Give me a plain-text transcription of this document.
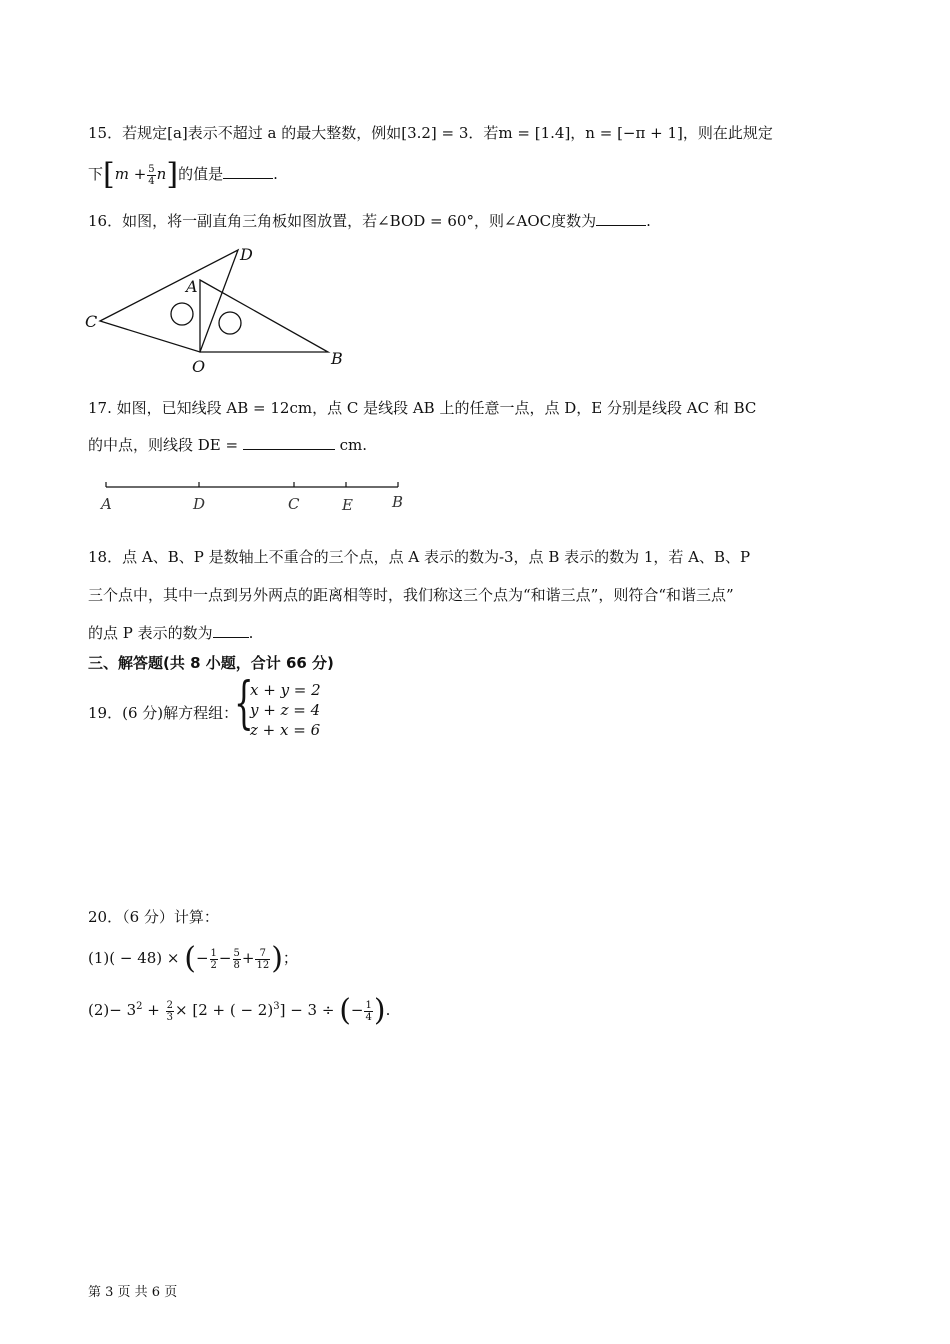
15．若规定[a]表示不超过 a 的最大整数，例如[3.2] = 3．若m = [1.4]，n = [−π + 1]，则在此规定
下$[m + \frac{5}{4} n]$的值是	.
16．如图，将一副直角三角板如图放置，若∠BOD = 60°，则∠AOC度数为	.
D
A
C
O	B
17. 如图，已知线段 AB = 12cm，点 C 是线段 AB 上的任意一点，点 D，E 分别是线段 AC 和 BC
的中点，则线段 DE =	cm.
A	D	C	E	B
18．点 A、B、P 是数轴上不重合的三个点，点 A 表示的数为-3，点 B 表示的数为 1，若 A、B、P
三个点中，其中一点到另外两点的距离相等时，我们称这三个点为“和谐三点”，则符合“和谐三点”
的点 P 表示的数为 .
三、解答题(共 8 小题，合计 66 分)
19．(6 分)解方程组：
{
x + y = 2
y + z = 4
z + x = 6
20．（6 分）计算：
(1)( − 48) × (− $\frac{1}{2} - \frac{5}{8} + \frac{7}{12}$ )；
$(2)- 3^2 + \frac{2}{3} \times [2$ + ( − 2)$^3$] − 3 ÷ (− $\frac{1}{4}$ ).
第 3 页 共 6 页
